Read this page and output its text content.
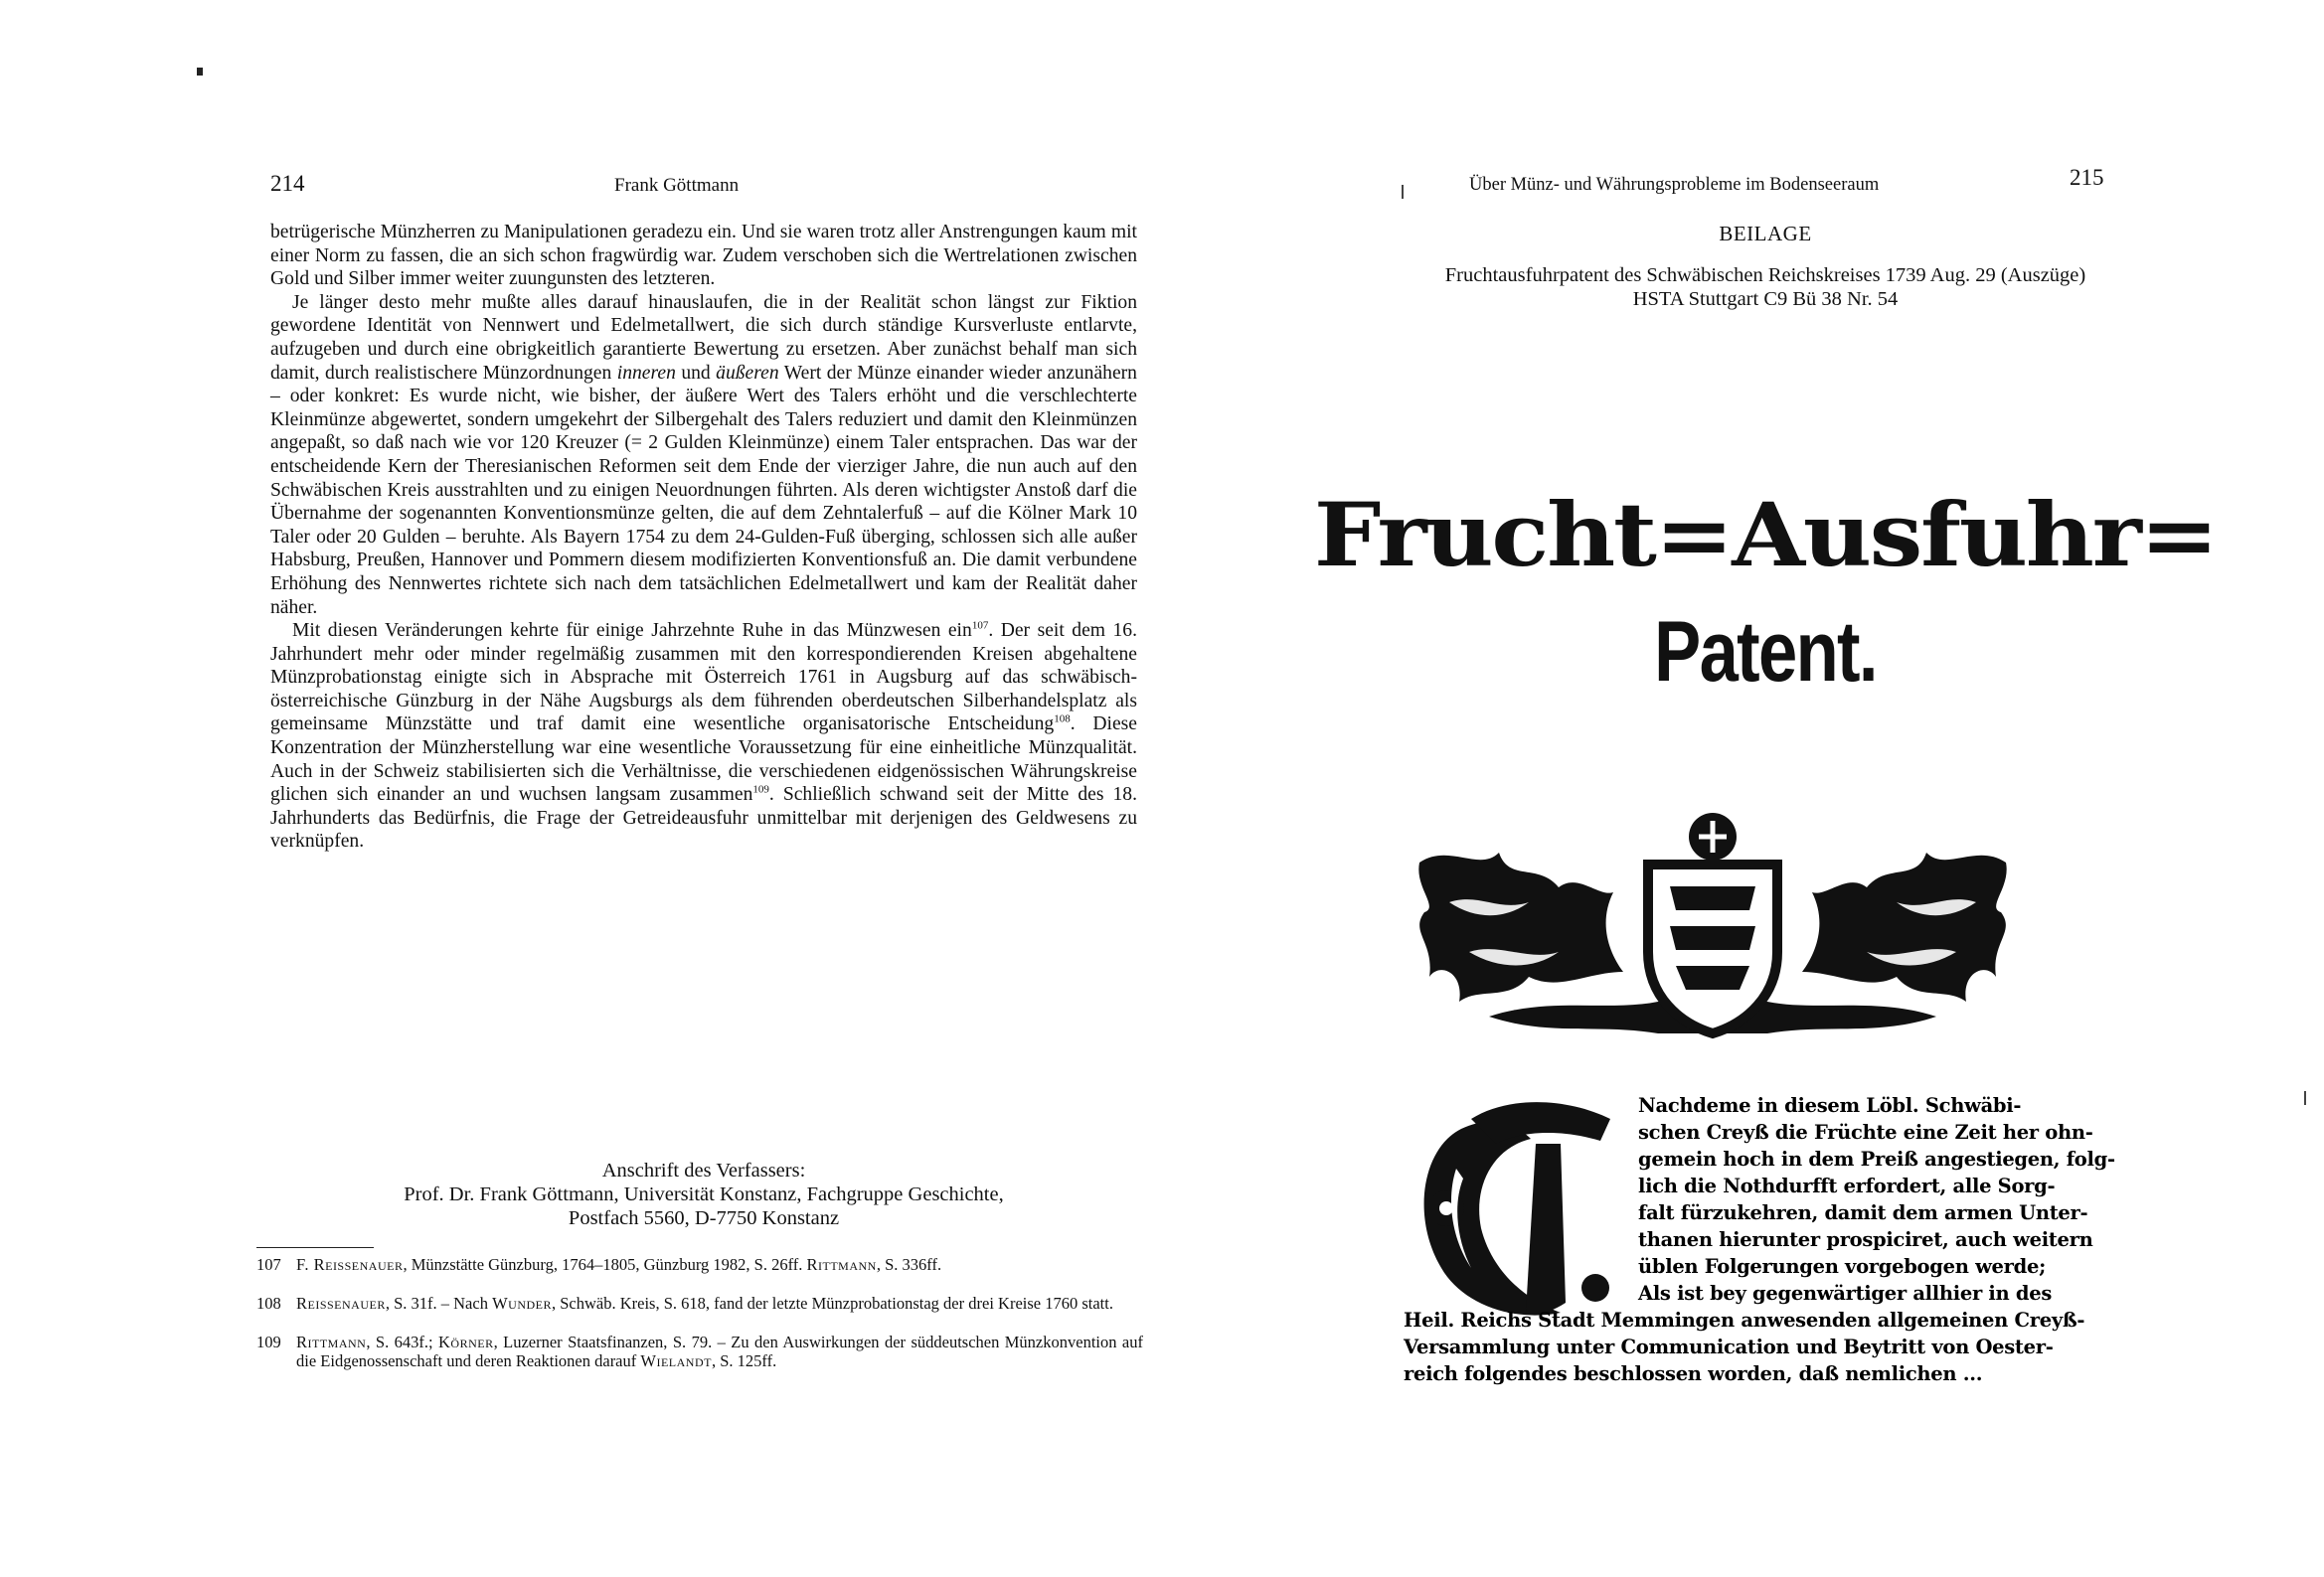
214	Frank Göttmann

betrügerische Münzherren zu Manipulationen geradezu ein. Und sie waren trotz aller Anstrengungen kaum mit einer Norm zu fassen, die an sich schon fragwürdig war. Zudem verschoben sich die Wertrelationen zwischen Gold und Silber immer weiter zuungunsten des letzteren.

Je länger desto mehr mußte alles darauf hinauslaufen, die in der Realität schon längst zur Fiktion gewordene Identität von Nennwert und Edelmetallwert, die sich durch ständige Kursverluste entlarvte, aufzugeben und durch eine obrigkeitlich garantierte Bewertung zu ersetzen. Aber zunächst behalf man sich damit, durch realistischere Münzordnungen inneren und äußeren Wert der Münze einander wieder anzunähern – oder konkret: Es wurde nicht, wie bisher, der äußere Wert des Talers erhöht und die verschlechterte Kleinmünze abgewertet, sondern umgekehrt der Silbergehalt des Talers reduziert und damit den Kleinmünzen angepaßt, so daß nach wie vor 120 Kreuzer (= 2 Gulden Kleinmünze) einem Taler entsprachen. Das war der entscheidende Kern der Theresianischen Reformen seit dem Ende der vierziger Jahre, die nun auch auf den Schwäbischen Kreis ausstrahlten und zu einigen Neuordnungen führten. Als deren wichtigster Anstoß darf die Übernahme der sogenannten Konventionsmünze gelten, die auf dem Zehntalerfuß – auf die Kölner Mark 10 Taler oder 20 Gulden – beruhte. Als Bayern 1754 zu dem 24-Gulden-Fuß überging, schlossen sich alle außer Habsburg, Preußen, Hannover und Pommern diesem modifizierten Konventionsfuß an. Die damit verbundene Erhöhung des Nennwertes richtete sich nach dem tatsächlichen Edelmetallwert und kam der Realität daher näher.

Mit diesen Veränderungen kehrte für einige Jahrzehnte Ruhe in das Münzwesen ein$^{107}$. Der seit dem 16. Jahrhundert mehr oder minder regelmäßig zusammen mit den korrespondierenden Kreisen abgehaltene Münzprobationstag einigte sich in Absprache mit Österreich 1761 in Augsburg auf das schwäbisch-österreichische Günzburg in der Nähe Augsburgs als dem führenden oberdeutschen Silberhandelsplatz als gemeinsame Münzstätte und traf damit eine wesentliche organisatorische Entscheidung$^{108}$. Diese Konzentration der Münzherstellung war eine wesentliche Voraussetzung für eine einheitliche Münzqualität. Auch in der Schweiz stabilisierten sich die Verhältnisse, die verschiedenen eidgenössischen Währungskreise glichen sich einander an und wuchsen langsam zusammen$^{109}$. Schließlich schwand seit der Mitte des 18. Jahrhunderts das Bedürfnis, die Frage der Getreideausfuhr unmittelbar mit derjenigen des Geldwesens zu verknüpfen.

Anschrift des Verfassers:
Prof. Dr. Frank Göttmann, Universität Konstanz, Fachgruppe Geschichte,
Postfach 5560, D-7750 Konstanz
107 F. Reissenauer, Münzstätte Günzburg, 1764–1805, Günzburg 1982, S. 26ff. Rittmann, S. 336ff.
108 Reissenauer, S. 31f. – Nach Wunder, Schwäb. Kreis, S. 618, fand der letzte Münzprobationstag der drei Kreise 1760 statt.
109 Rittmann, S. 643f.; Körner, Luzerner Staatsfinanzen, S. 79. – Zu den Auswirkungen der süddeutschen Münzkonvention auf die Eidgenossenschaft und deren Reaktionen darauf Wielandt, S. 125ff.
Über Münz- und Währungsprobleme im Bodenseeraum	215
BEILAGE
Fruchtausfuhrpatent des Schwäbischen Reichskreises 1739 Aug. 29 (Auszüge)
HSTA Stuttgart C9 Bü 38 Nr. 54
Frucht=Ausfuhr=
Patent.
Nachdeme in diesem Löbl. Schwäbi-
schen Creyß die Früchte eine Zeit her ohn-
gemein hoch in dem Preiß angestiegen, folg-
lich die Nothdurfft erfordert, alle Sorg-
falt fürzukehren, damit dem armen Unter-
thanen hierunter prospiciret, auch weitern
üblen Folgerungen vorgebogen werde;
Als ist bey gegenwärtiger allhier in des
Heil. Reichs Stadt Memmingen anwesenden allgemeinen Creyß-
Versammlung unter Communication und Beytritt von Oester-
reich folgendes beschlossen worden, daß nemlichen ...
